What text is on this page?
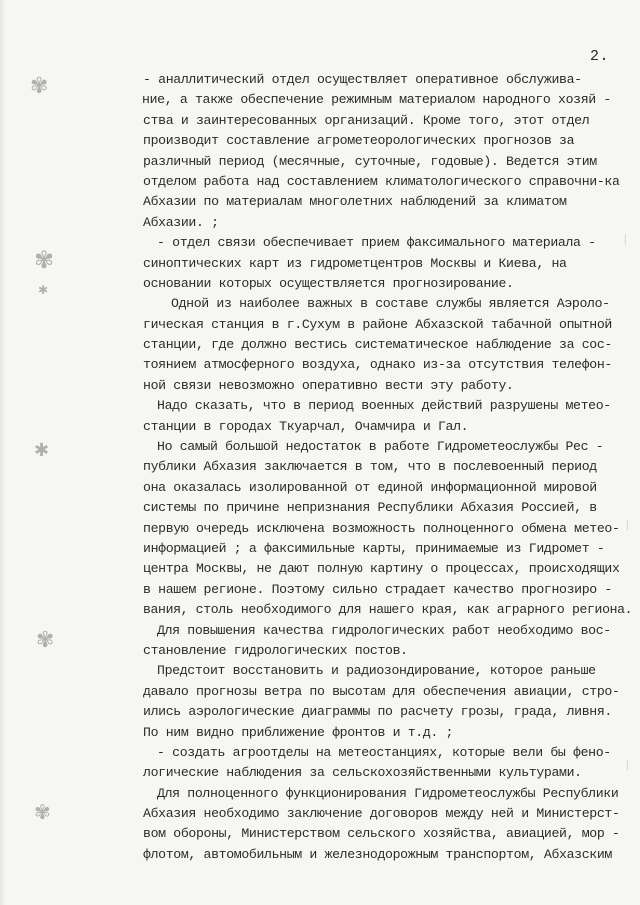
2.
✾
✾
✱
✱
✾
✾
|
|
|
- аналлитический отдел осуществляет оперативное обслужива-
ние, а также обеспечение режимным материалом народного хозяй -
ства и заинтересованных организаций. Кроме того, этот отдел
производит составление агрометеорологических прогнозов за
различный период (месячные, суточные, годовые). Ведется этим
отделом работа над составлением климатологического справочни-ка
Абхазии по материалам многолетних наблюдений за климатом
Абхазии. ;
- отдел связи обеспечивает прием факсимального материала -
синоптических карт из гидрометцентров Москвы и Киева, на
основании которых осуществляется прогнозирование.
Одной из наиболее важных в составе службы является Аэроло-
гическая станция в г.Сухум в районе Абхазской табачной опытной
станции, где должно вестись систематическое наблюдение за сос-
тоянием атмосферного воздуха, однако из-за отсутствия телефон-
ной связи невозможно оперативно вести эту работу.
Надо сказать, что в период военных действий разрушены метео-
станции в городах Ткуарчал, Очамчира и Гал.
Но самый большой недостаток в работе Гидрометеослужбы Рес -
публики Абхазия заключается в том, что в послевоенный период
она оказалась изолированной от единой информационной мировой
системы по причине непризнания Республики Абхазия Россией, в
первую очередь исключена возможность полноценного обмена метео-
информацией ; а факсимильные карты, принимаемые из Гидромет -
центра Москвы, не дают полную картину о процессах, происходящих
в нашем регионе. Поэтому сильно страдает качество прогнозиро -
вания, столь необходимого для нашего края, как аграрного региона.
Для повышения качества гидрологических работ необходимо вос-
становление гидрологических постов.
Предстоит восстановить и радиозондирование, которое раньше
давало прогнозы ветра по высотам для обеспечения авиации, стро-
ились аэрологические диаграммы по расчету грозы, града, ливня.
По ним видно приближение фронтов и т.д. ;
- создать агроотделы на метеостанциях, которые вели бы фено-
логические наблюдения за сельскохозяйственными культурами.
Для полноценного функционирования Гидрометеослужбы Республики
Абхазия необходимо заключение договоров между ней и Министерст-
вом обороны, Министерством сельского хозяйства, авиацией, мор -
флотом, автомобильным и железнодорожным транспортом, Абхазским
